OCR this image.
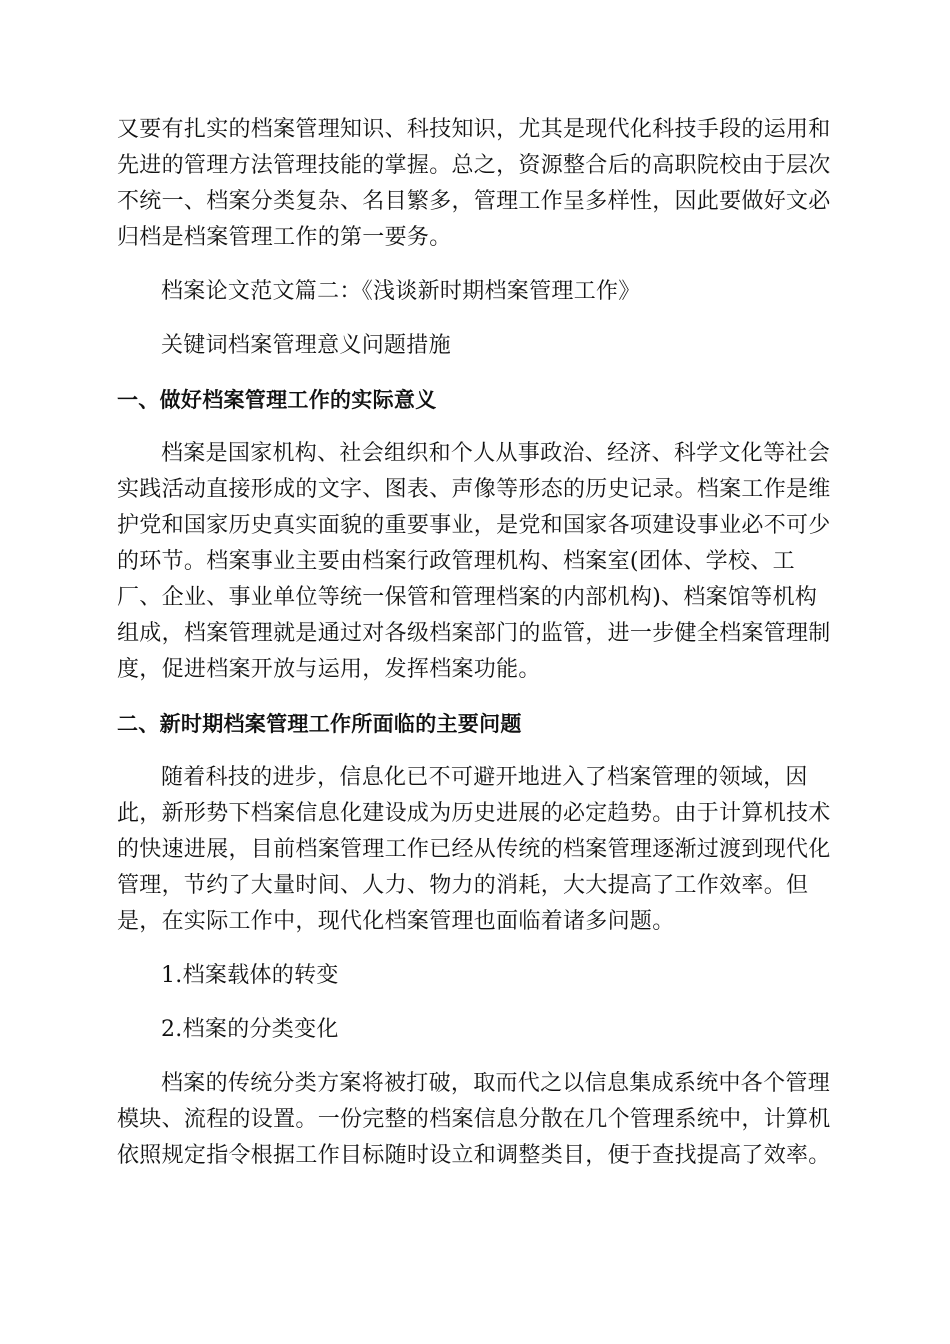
又要有扎实的档案管理知识、科技知识，尤其是现代化科技手段的运用和
先进的管理方法管理技能的掌握。总之，资源整合后的高职院校由于层次
不统一、档案分类复杂、名目繁多，管理工作呈多样性，因此要做好文必
归档是档案管理工作的第一要务。
档案论文范文篇二：《浅谈新时期档案管理工作》
关键词档案管理意义问题措施
一、做好档案管理工作的实际意义
档案是国家机构、社会组织和个人从事政治、经济、科学文化等社会
实践活动直接形成的文字、图表、声像等形态的历史记录。档案工作是维
护党和国家历史真实面貌的重要事业，是党和国家各项建设事业必不可少
的环节。档案事业主要由档案行政管理机构、档案室(团体、学校、工
厂、企业、事业单位等统一保管和管理档案的内部机构)、档案馆等机构
组成，档案管理就是通过对各级档案部门的监管，进一步健全档案管理制
度，促进档案开放与运用，发挥档案功能。
二、新时期档案管理工作所面临的主要问题
随着科技的进步，信息化已不可避开地进入了档案管理的领域，因
此，新形势下档案信息化建设成为历史进展的必定趋势。由于计算机技术
的快速进展，目前档案管理工作已经从传统的档案管理逐渐过渡到现代化
管理，节约了大量时间、人力、物力的消耗，大大提高了工作效率。但
是，在实际工作中，现代化档案管理也面临着诸多问题。
1.档案载体的转变
2.档案的分类变化
档案的传统分类方案将被打破，取而代之以信息集成系统中各个管理
模块、流程的设置。一份完整的档案信息分散在几个管理系统中，计算机
依照规定指令根据工作目标随时设立和调整类目，便于查找提高了效率。
